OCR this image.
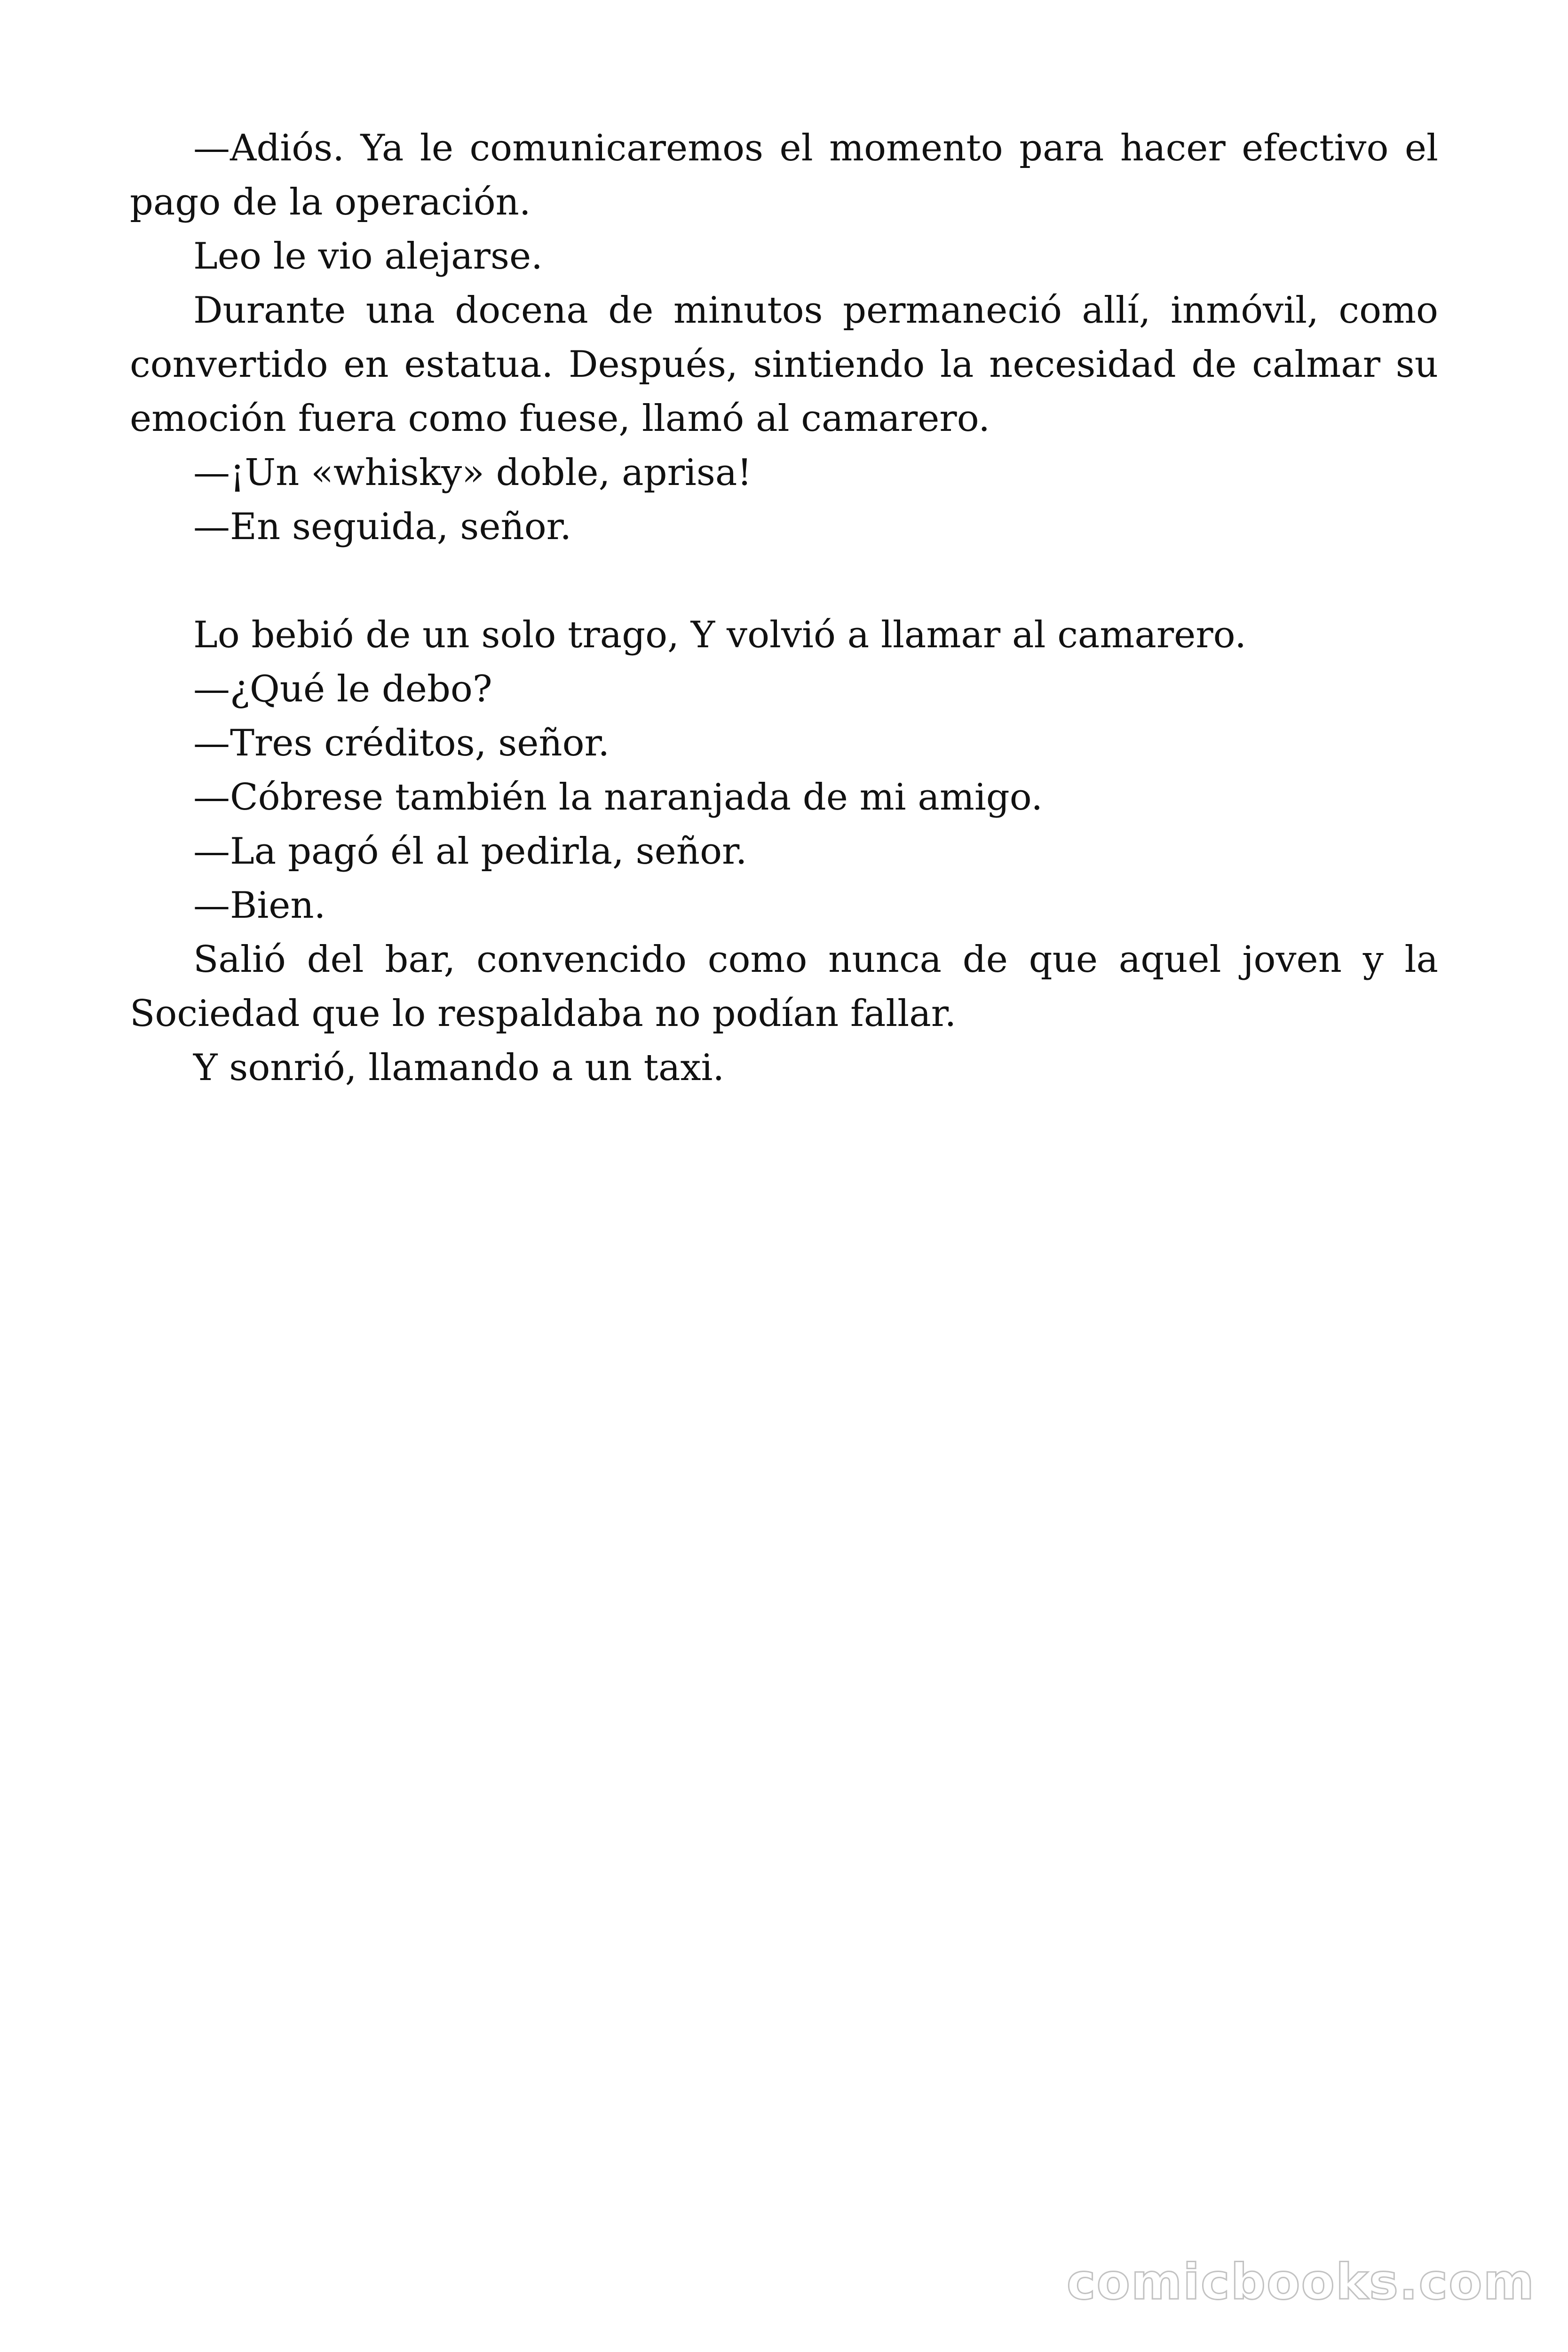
—Adiós. Ya le comunicaremos el momento para hacer efectivo el pago de la operación.

Leo le vio alejarse.

Durante una docena de minutos permaneció allí, inmóvil, como convertido en estatua. Después, sintiendo la necesidad de calmar su emoción fuera como fuese, llamó al camarero.

—¡Un «whisky» doble, aprisa!

—En seguida, señor.

Lo bebió de un solo trago, Y volvió a llamar al camarero.

—¿Qué le debo?

—Tres créditos, señor.

—Cóbrese también la naranjada de mi amigo.

—La pagó él al pedirla, señor.

—Bien.

Salió del bar, convencido como nunca de que aquel joven y la Sociedad que lo respaldaba no podían fallar.

Y sonrió, llamando a un taxi.

comicbooks.com
